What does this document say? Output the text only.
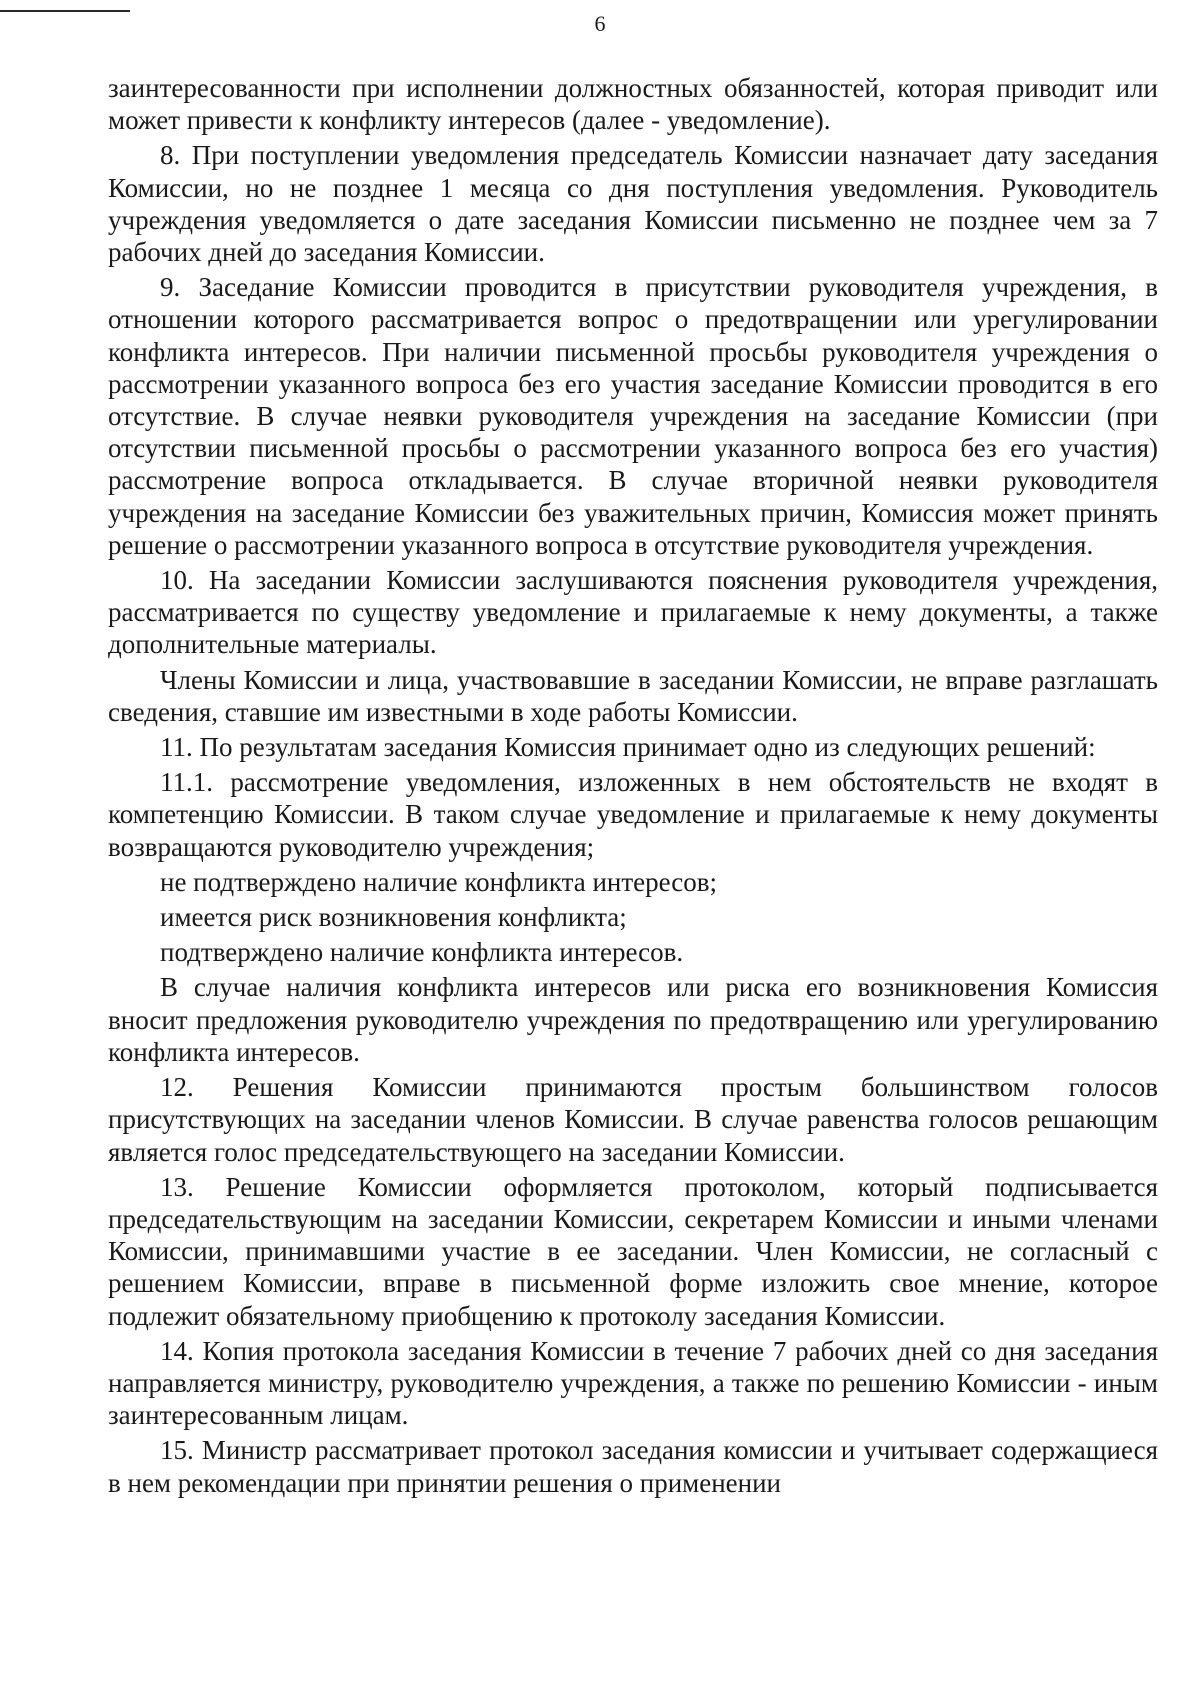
6

заинтересованности при исполнении должностных обязанностей, которая приводит или может привести к конфликту интересов (далее - уведомление).

8. При поступлении уведомления председатель Комиссии назначает дату заседания Комиссии, но не позднее 1 месяца со дня поступления уведомления. Руководитель учреждения уведомляется о дате заседания Комиссии письменно не позднее чем за 7 рабочих дней до заседания Комиссии.

9. Заседание Комиссии проводится в присутствии руководителя учреждения, в отношении которого рассматривается вопрос о предотвращении или урегулировании конфликта интересов. При наличии письменной просьбы руководителя учреждения о рассмотрении указанного вопроса без его участия заседание Комиссии проводится в его отсутствие. В случае неявки руководителя учреждения на заседание Комиссии (при отсутствии письменной просьбы о рассмотрении указанного вопроса без его участия) рассмотрение вопроса откладывается. В случае вторичной неявки руководителя учреждения на заседание Комиссии без уважительных причин, Комиссия может принять решение о рассмотрении указанного вопроса в отсутствие руководителя учреждения.

10. На заседании Комиссии заслушиваются пояснения руководителя учреждения, рассматривается по существу уведомление и прилагаемые к нему документы, а также дополнительные материалы.

Члены Комиссии и лица, участвовавшие в заседании Комиссии, не вправе разглашать сведения, ставшие им известными в ходе работы Комиссии.

11. По результатам заседания Комиссия принимает одно из следующих решений:

11.1. рассмотрение уведомления, изложенных в нем обстоятельств не входят в компетенцию Комиссии. В таком случае уведомление и прилагаемые к нему документы возвращаются руководителю учреждения;

не подтверждено наличие конфликта интересов;

имеется риск возникновения конфликта;

подтверждено наличие конфликта интересов.

В случае наличия конфликта интересов или риска его возникновения Комиссия вносит предложения руководителю учреждения по предотвращению или урегулированию конфликта интересов.

12. Решения Комиссии принимаются простым большинством голосов присутствующих на заседании членов Комиссии. В случае равенства голосов решающим является голос председательствующего на заседании Комиссии.

13. Решение Комиссии оформляется протоколом, который подписывается председательствующим на заседании Комиссии, секретарем Комиссии и иными членами Комиссии, принимавшими участие в ее заседании. Член Комиссии, не согласный с решением Комиссии, вправе в письменной форме изложить свое мнение, которое подлежит обязательному приобщению к протоколу заседания Комиссии.

14. Копия протокола заседания Комиссии в течение 7 рабочих дней со дня заседания направляется министру, руководителю учреждения, а также по решению Комиссии - иным заинтересованным лицам.

15. Министр рассматривает протокол заседания комиссии и учитывает содержащиеся в нем рекомендации при принятии решения о применении
